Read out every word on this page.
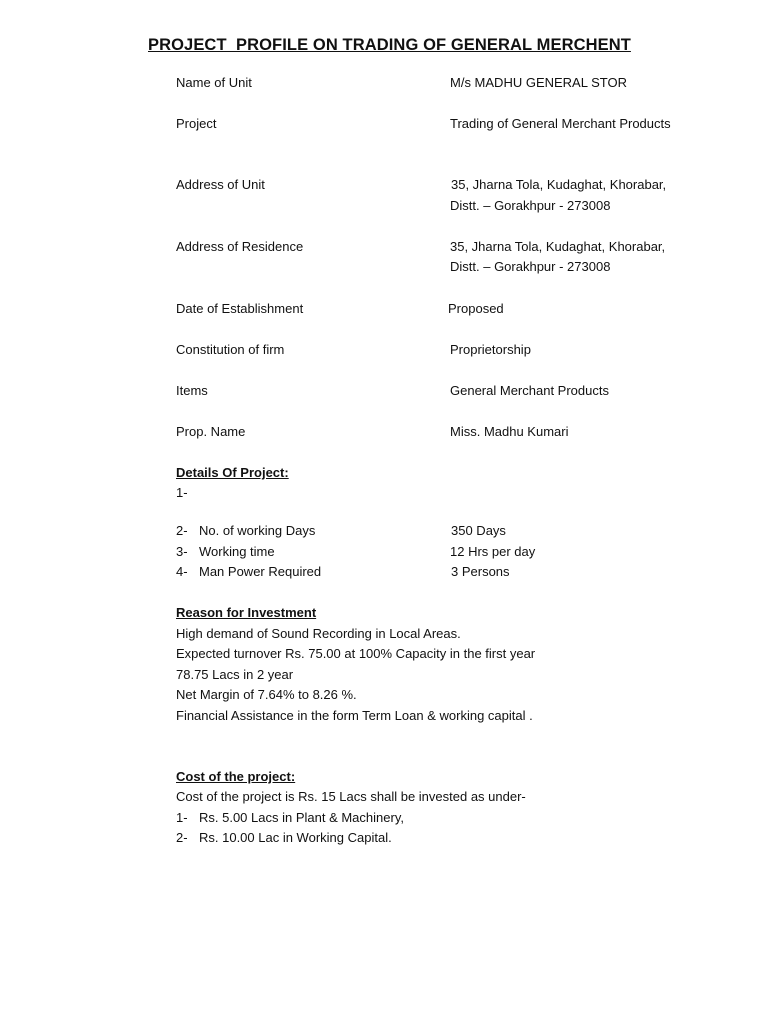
PROJECT  PROFILE ON TRADING OF GENERAL MERCHENT
Name of Unit	M/s MADHU GENERAL STOR
Project	Trading of General Merchant Products
Address of Unit	35, Jharna Tola, Kudaghat, Khorabar,
Distt. – Gorakhpur - 273008
Address of Residence	35, Jharna Tola, Kudaghat, Khorabar,
Distt. – Gorakhpur - 273008
Date of Establishment	Proposed
Constitution of firm	Proprietorship
Items	General Merchant Products
Prop. Name	Miss. Madhu Kumari
Details Of Project:
1-
2- No. of working Days	350 Days
3- Working time	12 Hrs per day
4- Man Power Required	3 Persons
Reason for Investment
High demand of Sound Recording in Local Areas.
Expected turnover Rs. 75.00 at 100% Capacity in the first year
78.75 Lacs in 2 year
Net Margin of 7.64% to 8.26 %.
Financial Assistance in the form Term Loan & working capital .
Cost of the project:
Cost of the project is Rs. 15 Lacs shall be invested as under-
1- Rs. 5.00 Lacs in Plant & Machinery,
2- Rs. 10.00 Lac in Working Capital.
